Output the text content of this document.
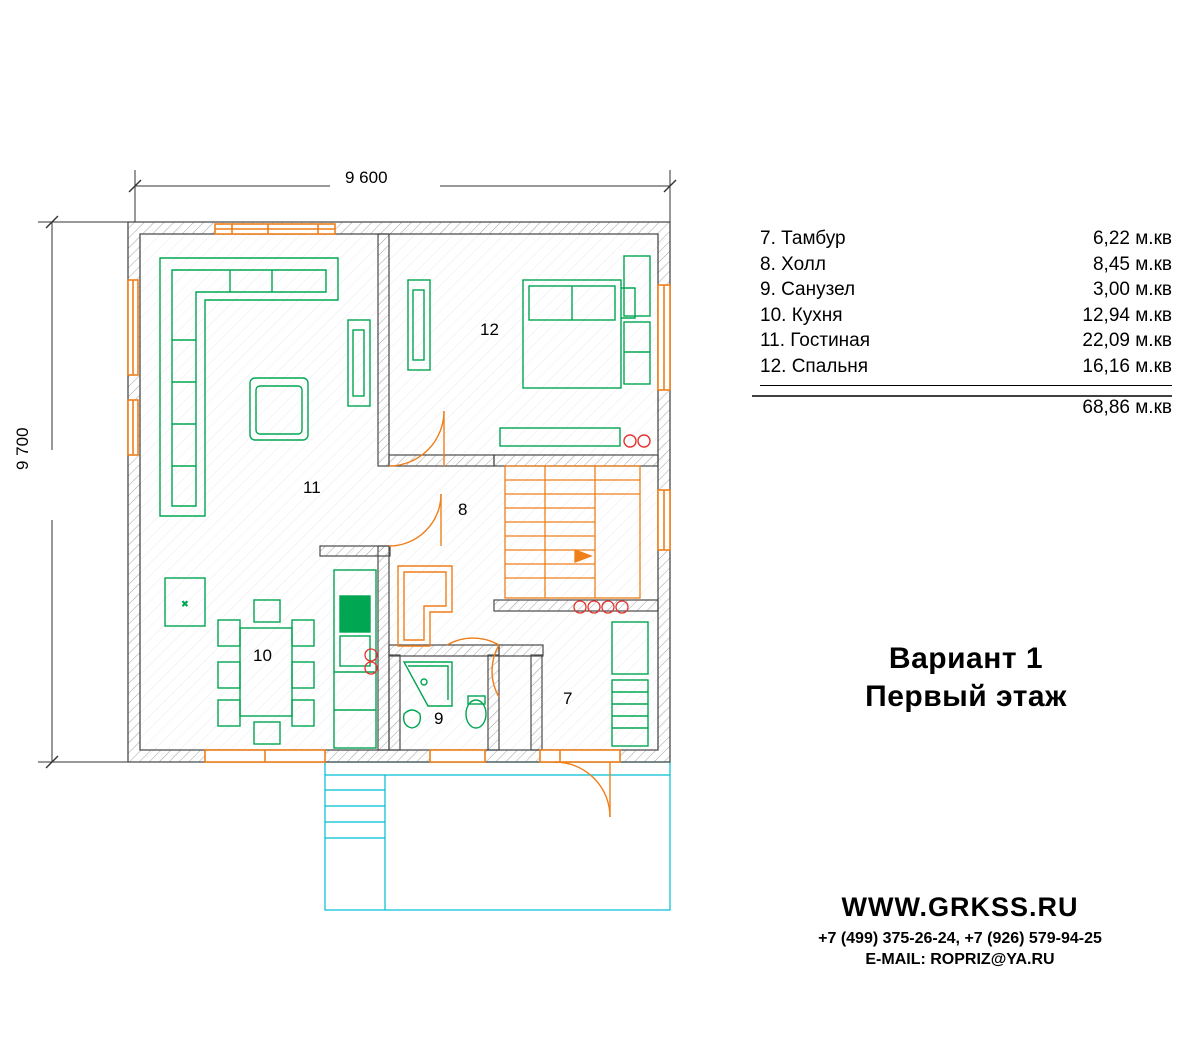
×
9 600
9 700
12
11
8
10
9
7
7. Тамбур	6,22 м.кв
8. Холл	8,45 м.кв
9. Санузел	3,00 м.кв
10. Кухня	12,94 м.кв
11. Гостиная	22,09 м.кв
12. Спальня	16,16 м.кв
68,86 м.кв
Вариант 1
Первый этаж
WWW.GRKSS.RU
+7 (499) 375-26-24, +7 (926) 579-94-25
E-MAIL: ROPRIZ@YA.RU
